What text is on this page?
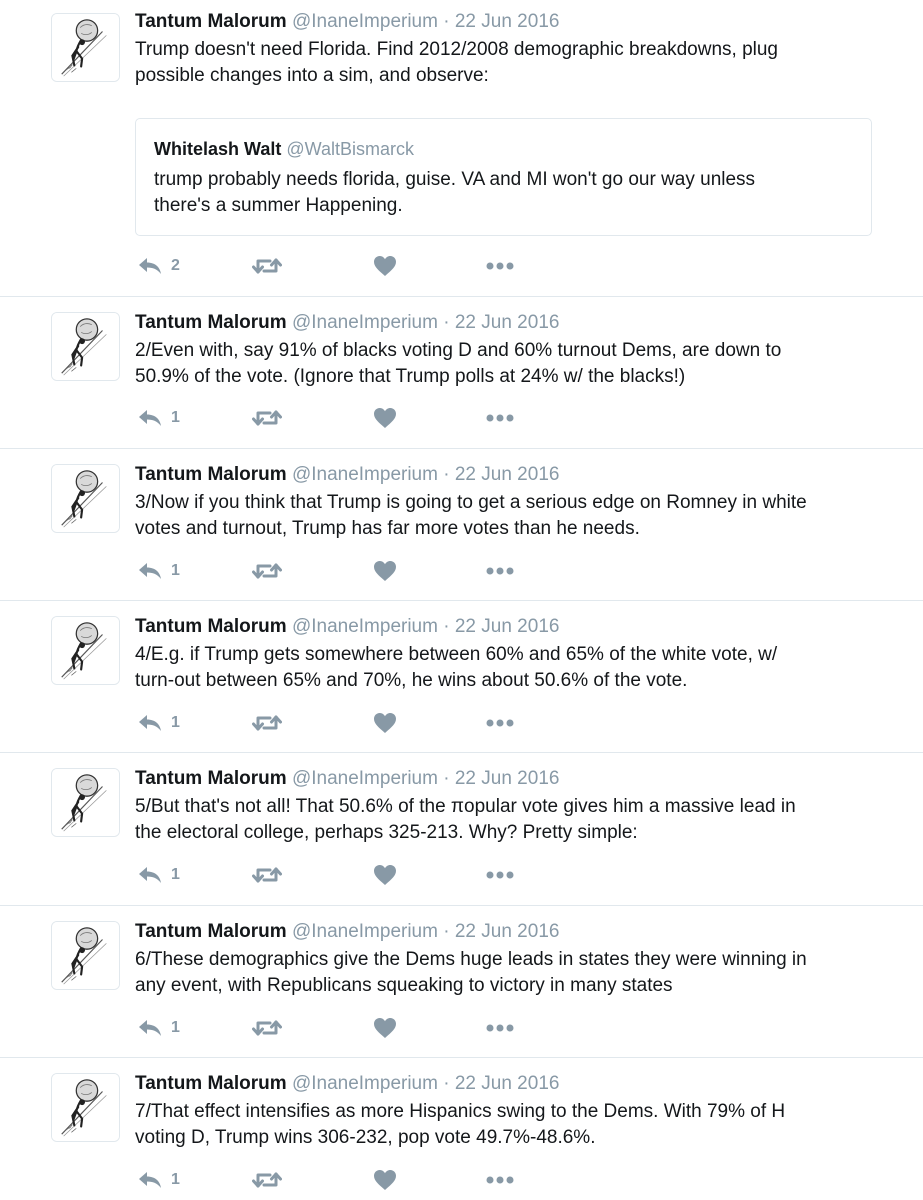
Tantum Malorum @InaneImperium · 22 Jun 2016
Trump doesn't need Florida. Find 2012/2008 demographic breakdowns, plug
possible changes into a sim, and observe:
Whitelash Walt @WaltBismarck
trump probably needs florida, guise. VA and MI won't go our way unless
there's a summer Happening.
2
Tantum Malorum @InaneImperium · 22 Jun 2016
2/Even with, say 91% of blacks voting D and 60% turnout Dems, are down to
50.9% of the vote. (Ignore that Trump polls at 24% w/ the blacks!)
1
Tantum Malorum @InaneImperium · 22 Jun 2016
3/Now if you think that Trump is going to get a serious edge on Romney in white
votes and turnout, Trump has far more votes than he needs.
1
Tantum Malorum @InaneImperium · 22 Jun 2016
4/E.g. if Trump gets somewhere between 60% and 65% of the white vote, w/
turn-out between 65% and 70%, he wins about 50.6% of the vote.
1
Tantum Malorum @InaneImperium · 22 Jun 2016
5/But that's not all! That 50.6% of the πopular vote gives him a massive lead in
the electoral college, perhaps 325-213. Why? Pretty simple:
1
Tantum Malorum @InaneImperium · 22 Jun 2016
6/These demographics give the Dems huge leads in states they were winning in
any event, with Republicans squeaking to victory in many states
1
Tantum Malorum @InaneImperium · 22 Jun 2016
7/That effect intensifies as more Hispanics swing to the Dems. With 79% of H
voting D, Trump wins 306-232, pop vote 49.7%-48.6%.
1
